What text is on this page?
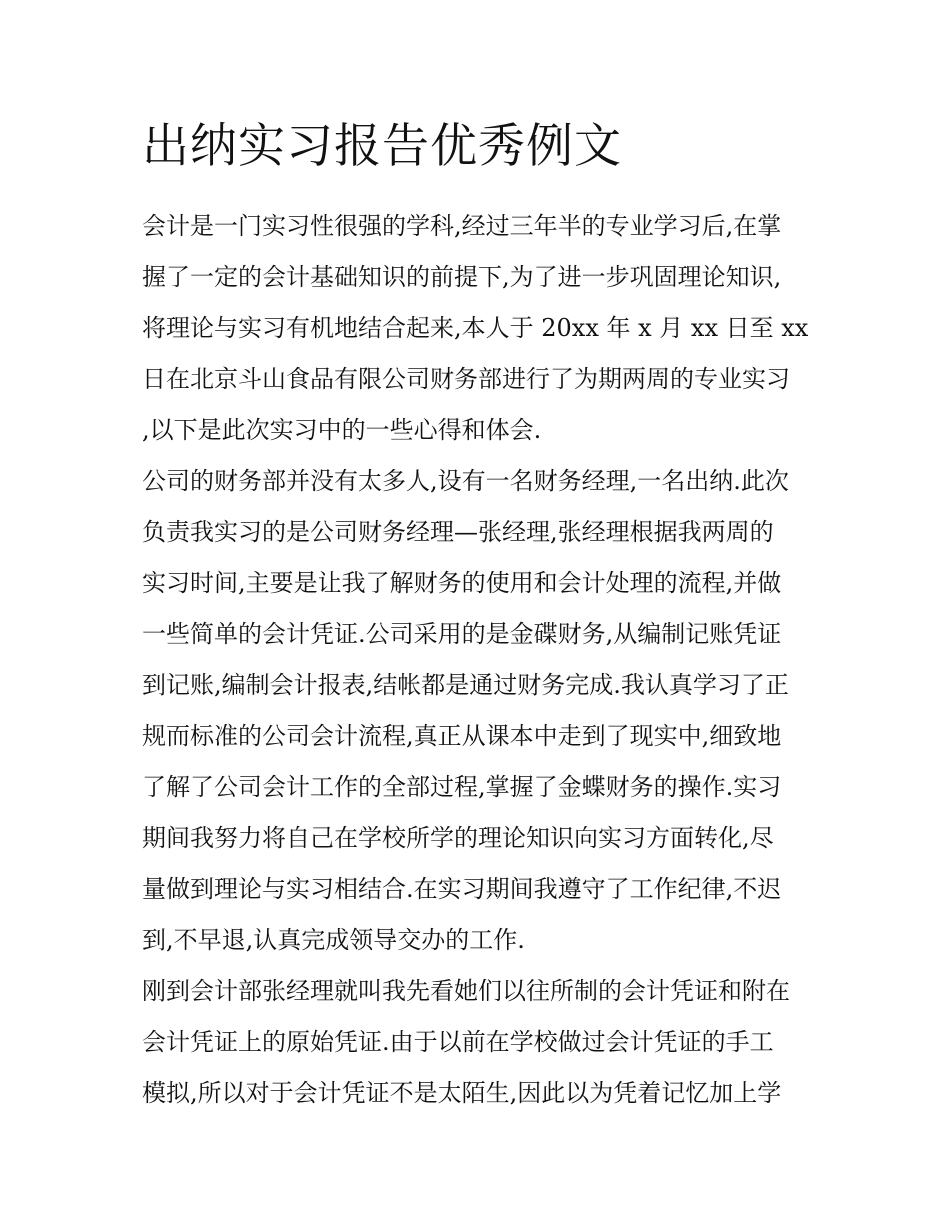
出纳实习报告优秀例文
会计是一门实习性很强的学科,经过三年半的专业学习后,在掌
握了一定的会计基础知识的前提下,为了进一步巩固理论知识,
将理论与实习有机地结合起来,本人于 20xx 年 x 月 xx 日至 xx
日在北京斗山食品有限公司财务部进行了为期两周的专业实习
,以下是此次实习中的一些心得和体会.
公司的财务部并没有太多人,设有一名财务经理,一名出纳.此次
负责我实习的是公司财务经理—张经理,张经理根据我两周的
实习时间,主要是让我了解财务的使用和会计处理的流程,并做
一些简单的会计凭证.公司采用的是金碟财务,从编制记账凭证
到记账,编制会计报表,结帐都是通过财务完成.我认真学习了正
规而标准的公司会计流程,真正从课本中走到了现实中,细致地
了解了公司会计工作的全部过程,掌握了金蝶财务的操作.实习
期间我努力将自己在学校所学的理论知识向实习方面转化,尽
量做到理论与实习相结合.在实习期间我遵守了工作纪律,不迟
到,不早退,认真完成领导交办的工作.
刚到会计部张经理就叫我先看她们以往所制的会计凭证和附在
会计凭证上的原始凭证.由于以前在学校做过会计凭证的手工
模拟,所以对于会计凭证不是太陌生,因此以为凭着记忆加上学
